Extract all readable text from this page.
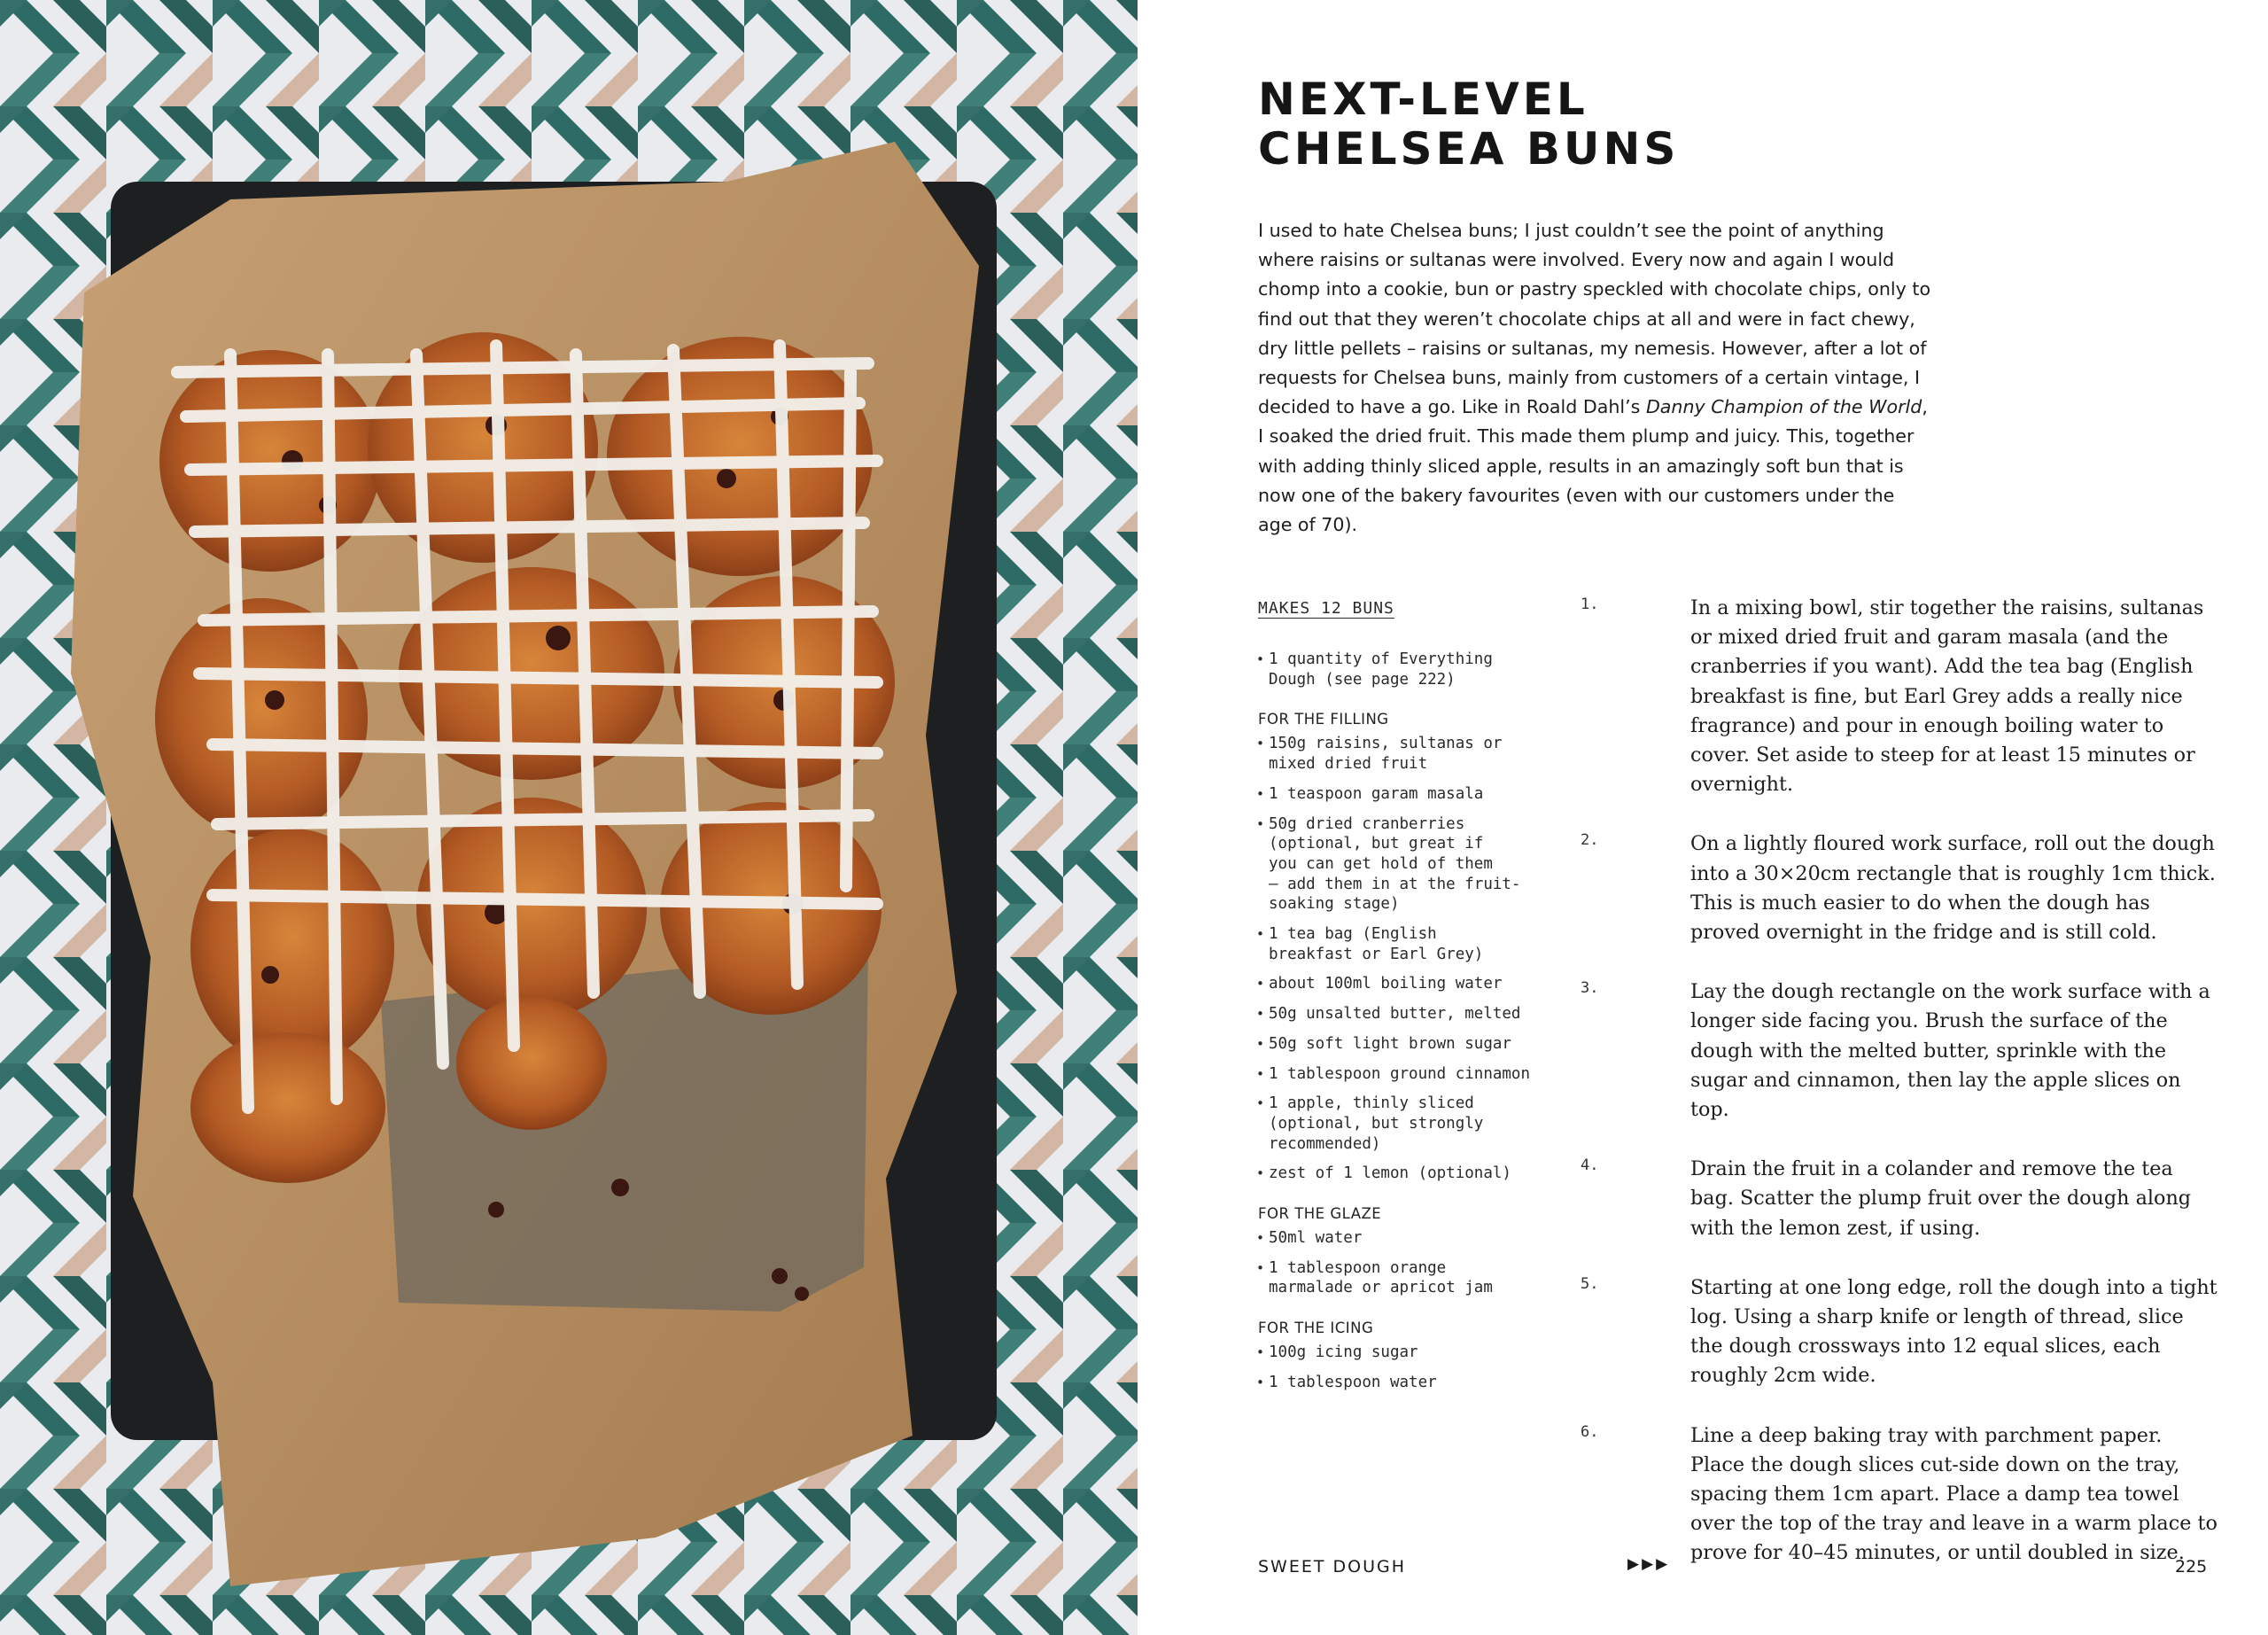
NEXT-LEVEL
CHELSEA BUNS

I used to hate Chelsea buns; I just couldn’t see the point of anything where raisins or sultanas were involved. Every now and again I would chomp into a cookie, bun or pastry speckled with chocolate chips, only to find out that they weren’t chocolate chips at all and were in fact chewy, dry little pellets – raisins or sultanas, my nemesis. However, after a lot of requests for Chelsea buns, mainly from customers of a certain vintage, I decided to have a go. Like in Roald Dahl’s Danny Champion of the World, I soaked the dried fruit. This made them plump and juicy. This, together with adding thinly sliced apple, results in an amazingly soft bun that is now one of the bakery favourites (even with our customers under the age of 70).

MAKES 12 BUNS
• 1 quantity of Everything
Dough (see page 222)
FOR THE FILLING
• 150g raisins, sultanas or
mixed dried fruit
• 1 teaspoon garam masala
• 50g dried cranberries
(optional, but great if
you can get hold of them
– add them in at the fruit-
soaking stage)
• 1 tea bag (English
breakfast or Earl Grey)
• about 100ml boiling water
• 50g unsalted butter, melted
• 50g soft light brown sugar
• 1 tablespoon ground cinnamon
• 1 apple, thinly sliced
(optional, but strongly
recommended)
• zest of 1 lemon (optional)
FOR THE GLAZE
• 50ml water
• 1 tablespoon orange
marmalade or apricot jam
FOR THE ICING
• 100g icing sugar
• 1 tablespoon water
1.	In a mixing bowl, stir together the raisins, sultanas or mixed dried fruit and garam masala (and the cranberries if you want). Add the tea bag (English breakfast is fine, but Earl Grey adds a really nice fragrance) and pour in enough boiling water to cover. Set aside to steep for at least 15 minutes or overnight.

2.	On a lightly floured work surface, roll out the dough into a 30×20cm rectangle that is roughly 1cm thick. This is much easier to do when the dough has proved overnight in the fridge and is still cold.

3.	Lay the dough rectangle on the work surface with a longer side facing you. Brush the surface of the dough with the melted butter, sprinkle with the sugar and cinnamon, then lay the apple slices on top.

4.	Drain the fruit in a colander and remove the tea bag. Scatter the plump fruit over the dough along with the lemon zest, if using.

5.	Starting at one long edge, roll the dough into a tight log. Using a sharp knife or length of thread, slice the dough crossways into 12 equal slices, each roughly 2cm wide.

6.	Line a deep baking tray with parchment paper. Place the dough slices cut-side down on the tray, spacing them 1cm apart. Place a damp tea towel over the top of the tray and leave in a warm place to prove for 40–45 minutes, or until doubled in size.

SWEET DOUGH	▶▶▶	225
